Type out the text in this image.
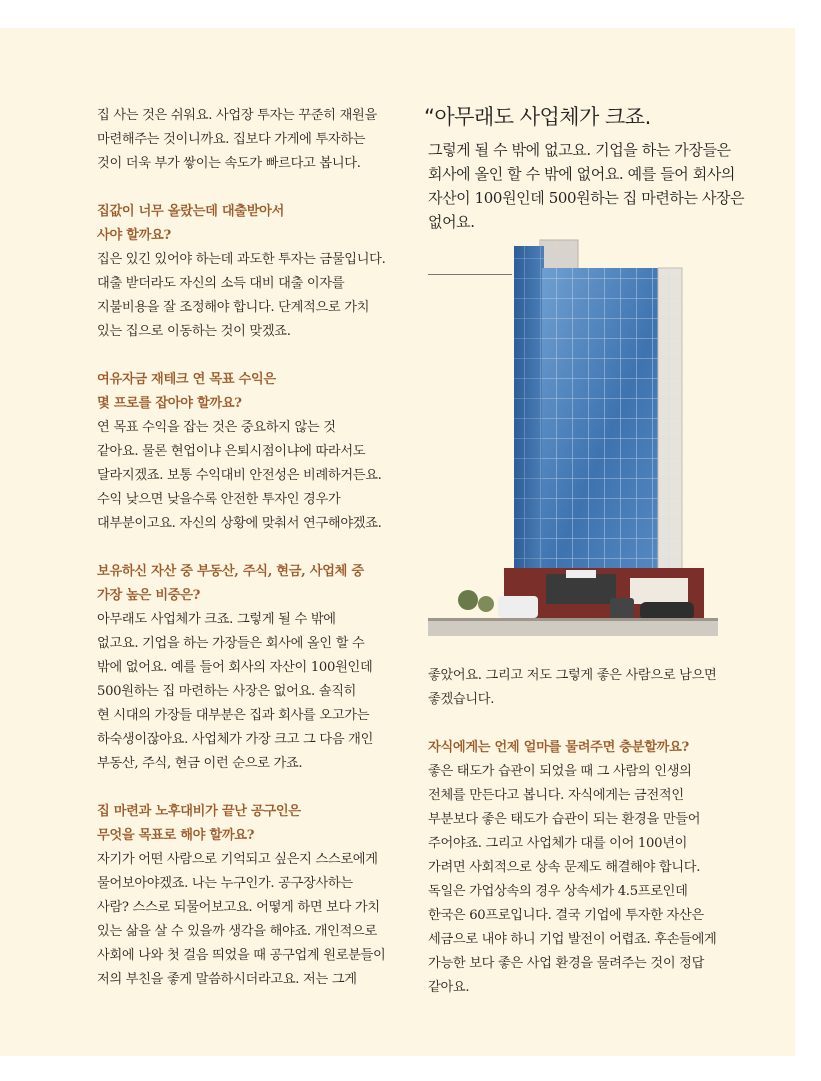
집 사는 것은 쉬워요. 사업장 투자는 꾸준히 재원을

마련해주는 것이니까요. 집보다 가게에 투자하는

것이 더욱 부가 쌓이는 속도가 빠르다고 봅니다.

집값이 너무 올랐는데 대출받아서

사야 할까요?

집은 있긴 있어야 하는데 과도한 투자는 금물입니다.

대출 받더라도 자신의 소득 대비 대출 이자를

지불비용을 잘 조정해야 합니다. 단계적으로 가치

있는 집으로 이동하는 것이 맞겠죠.

여유자금 재테크 연 목표 수익은

몇 프로를 잡아야 할까요?

연 목표 수익을 잡는 것은 중요하지 않는 것

같아요. 물론 현업이냐 은퇴시점이냐에 따라서도

달라지겠죠. 보통 수익대비 안전성은 비례하거든요.

수익 낮으면 낮을수록 안전한 투자인 경우가

대부분이고요. 자신의 상황에 맞춰서 연구해야겠죠.

보유하신 자산 중 부동산, 주식, 현금, 사업체 중

가장 높은 비중은?

아무래도 사업체가 크죠. 그렇게 될 수 밖에

없고요. 기업을 하는 가장들은 회사에 올인 할 수

밖에 없어요. 예를 들어 회사의 자산이 100원인데

500원하는 집 마련하는 사장은 없어요. 솔직히

현 시대의 가장들 대부분은 집과 회사를 오고가는

하숙생이잖아요. 사업체가 가장 크고 그 다음 개인

부동산, 주식, 현금 이런 순으로 가죠.

집 마련과 노후대비가 끝난 공구인은

무엇을 목표로 해야 할까요?

자기가 어떤 사람으로 기억되고 싶은지 스스로에게

물어보아야겠죠. 나는 누구인가. 공구장사하는

사람? 스스로 되물어보고요. 어떻게 하면 보다 가치

있는 삶을 살 수 있을까 생각을 해야죠. 개인적으로

사회에 나와 첫 걸음 띄었을 때 공구업계 원로분들이

저의 부친을 좋게 말씀하시더라고요. 저는 그게

“아무래도 사업체가 크죠.

그렇게 될 수 밖에 없고요. 기업을 하는 가장들은

회사에 올인 할 수 밖에 없어요. 예를 들어 회사의

자산이 100원인데 500원하는 집 마련하는 사장은

없어요.

좋았어요. 그리고 저도 그렇게 좋은 사람으로 남으면

좋겠습니다.

자식에게는 언제 얼마를 물려주면 충분할까요?

좋은 태도가 습관이 되었을 때 그 사람의 인생의

전체를 만든다고 봅니다. 자식에게는 금전적인

부분보다 좋은 태도가 습관이 되는 환경을 만들어

주어야죠. 그리고 사업체가 대를 이어 100년이

가려면 사회적으로 상속 문제도 해결해야 합니다.

독일은 가업상속의 경우 상속세가 4.5프로인데

한국은 60프로입니다. 결국 기업에 투자한 자산은

세금으로 내야 하니 기업 발전이 어렵죠. 후손들에게

가능한 보다 좋은 사업 환경을 물려주는 것이 정답

같아요.
